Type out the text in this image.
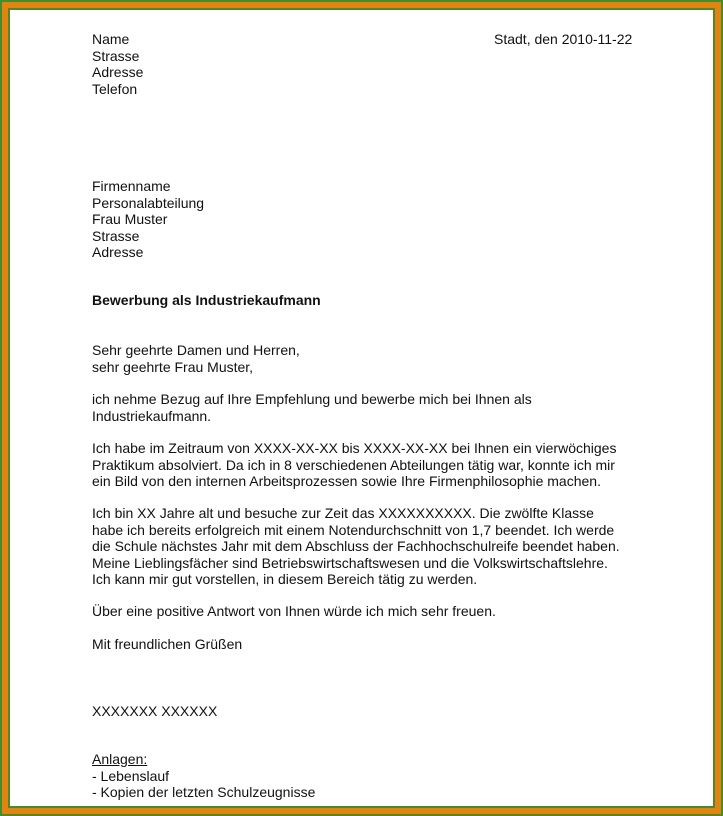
Name
Strasse
Adresse
Telefon
Stadt, den 2010-11-22
Firmenname
Personalabteilung
Frau Muster
Strasse
Adresse
Bewerbung als Industriekaufmann
Sehr geehrte Damen und Herren,
sehr geehrte Frau Muster,
ich nehme Bezug auf Ihre Empfehlung und bewerbe mich bei Ihnen als
Industriekaufmann.
Ich habe im Zeitraum von XXXX-XX-XX bis XXXX-XX-XX bei Ihnen ein vierwöchiges
Praktikum absolviert. Da ich in 8 verschiedenen Abteilungen tätig war, konnte ich mir
ein Bild von den internen Arbeitsprozessen sowie Ihre Firmenphilosophie machen.
Ich bin XX Jahre alt und besuche zur Zeit das XXXXXXXXXX. Die zwölfte Klasse
habe ich bereits erfolgreich mit einem Notendurchschnitt von 1,7 beendet. Ich werde
die Schule nächstes Jahr mit dem Abschluss der Fachhochschulreife beendet haben.
Meine Lieblingsfächer sind Betriebswirtschaftswesen und die Volkswirtschaftslehre.
Ich kann mir gut vorstellen, in diesem Bereich tätig zu werden.
Über eine positive Antwort von Ihnen würde ich mich sehr freuen.
Mit freundlichen Grüßen
XXXXXXX XXXXXX
Anlagen:
- Lebenslauf
- Kopien der letzten Schulzeugnisse
